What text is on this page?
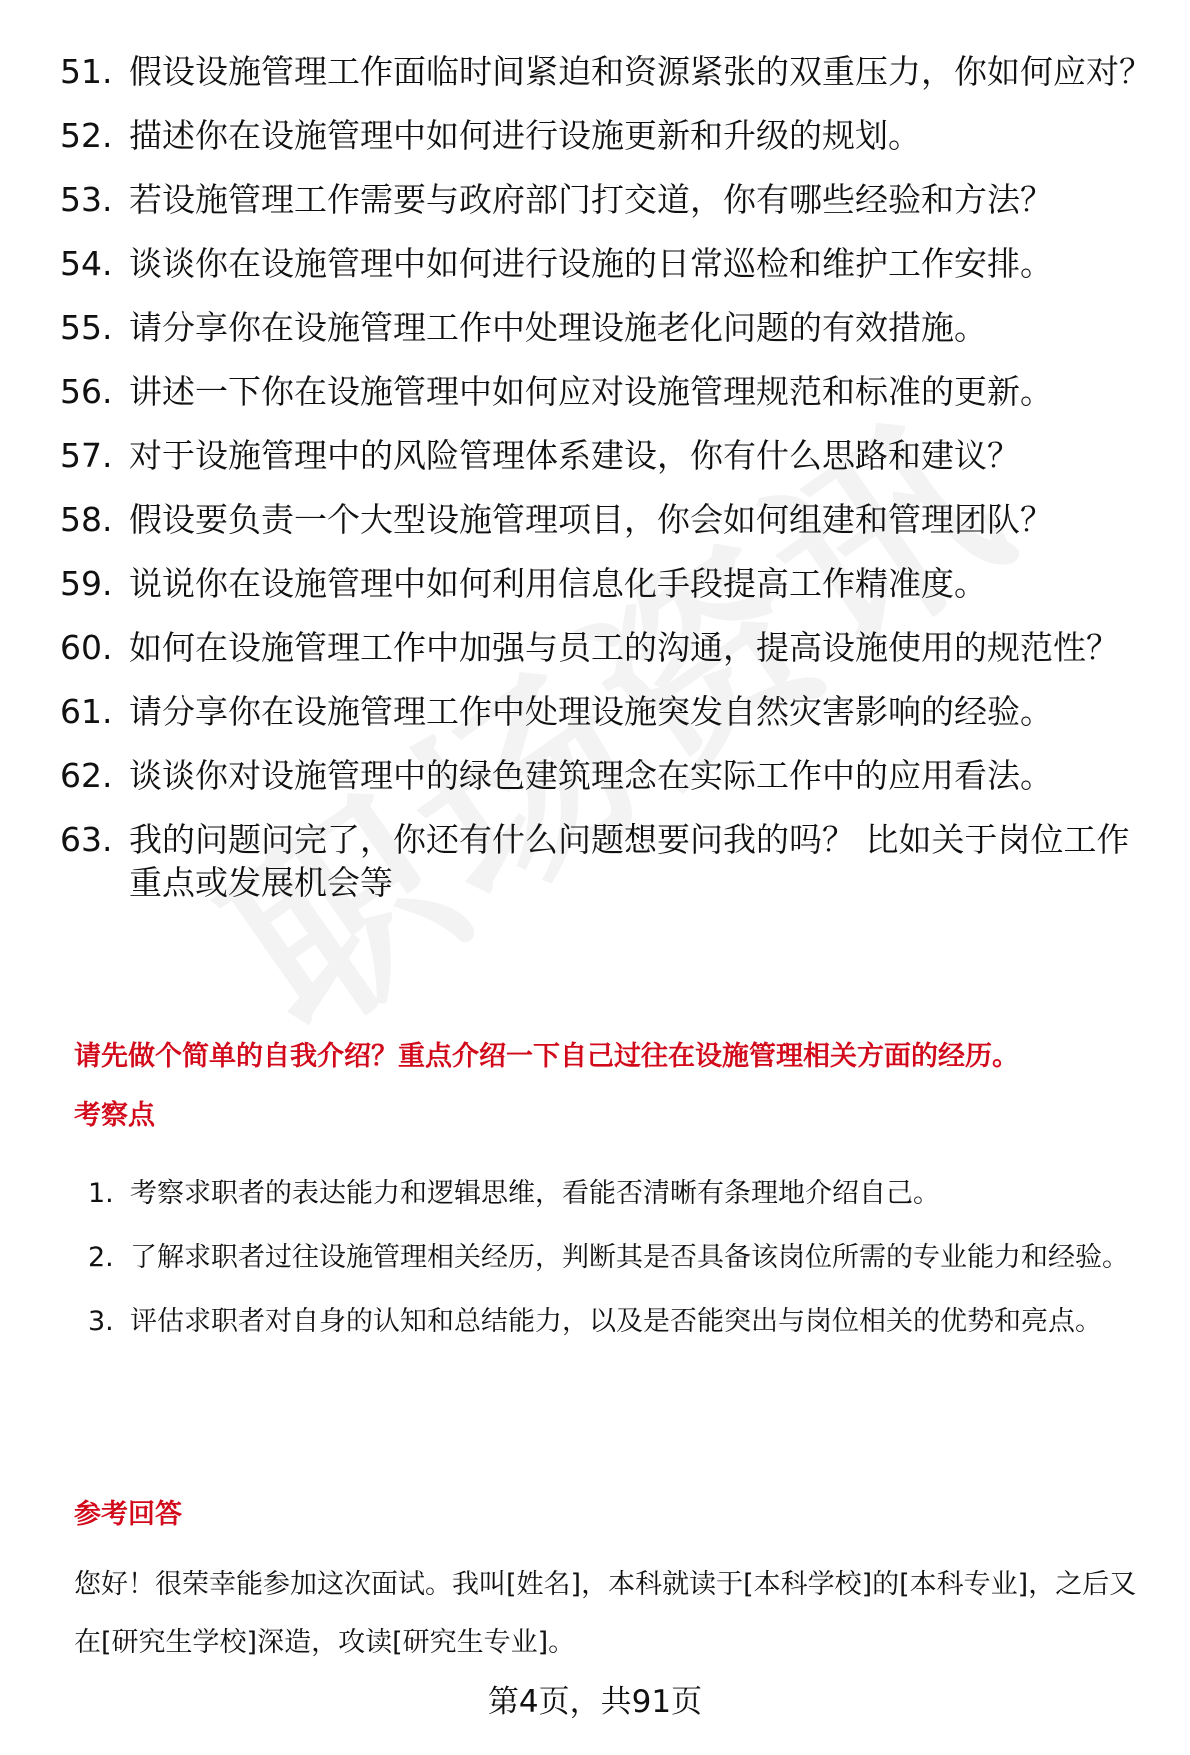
51. 假设设施管理工作面临时间紧迫和资源紧张的双重压力，你如何应对？
52. 描述你在设施管理中如何进行设施更新和升级的规划。
53. 若设施管理工作需要与政府部门打交道，你有哪些经验和方法？
54. 谈谈你在设施管理中如何进行设施的日常巡检和维护工作安排。
55. 请分享你在设施管理工作中处理设施老化问题的有效措施。
56. 讲述一下你在设施管理中如何应对设施管理规范和标准的更新。
57. 对于设施管理中的风险管理体系建设，你有什么思路和建议？
58. 假设要负责一个大型设施管理项目，你会如何组建和管理团队？
59. 说说你在设施管理中如何利用信息化手段提高工作精准度。
60. 如何在设施管理工作中加强与员工的沟通，提高设施使用的规范性？
61. 请分享你在设施管理工作中处理设施突发自然灾害影响的经验。
62. 谈谈你对设施管理中的绿色建筑理念在实际工作中的应用看法。
63. 我的问题问完了，你还有什么问题想要问我的吗？ 比如关于岗位工作重点或发展机会等
请先做个简单的自我介绍？重点介绍一下自己过往在设施管理相关方面的经历。
考察点
1. 考察求职者的表达能力和逻辑思维，看能否清晰有条理地介绍自己。
2. 了解求职者过往设施管理相关经历，判断其是否具备该岗位所需的专业能力和经验。
3. 评估求职者对自身的认知和总结能力，以及是否能突出与岗位相关的优势和亮点。
参考回答

您好！很荣幸能参加这次面试。我叫[姓名]，本科就读于[本科学校]的[本科专业]，之后又在[研究生学校]深造，攻读[研究生专业]。

第4页，共91页
